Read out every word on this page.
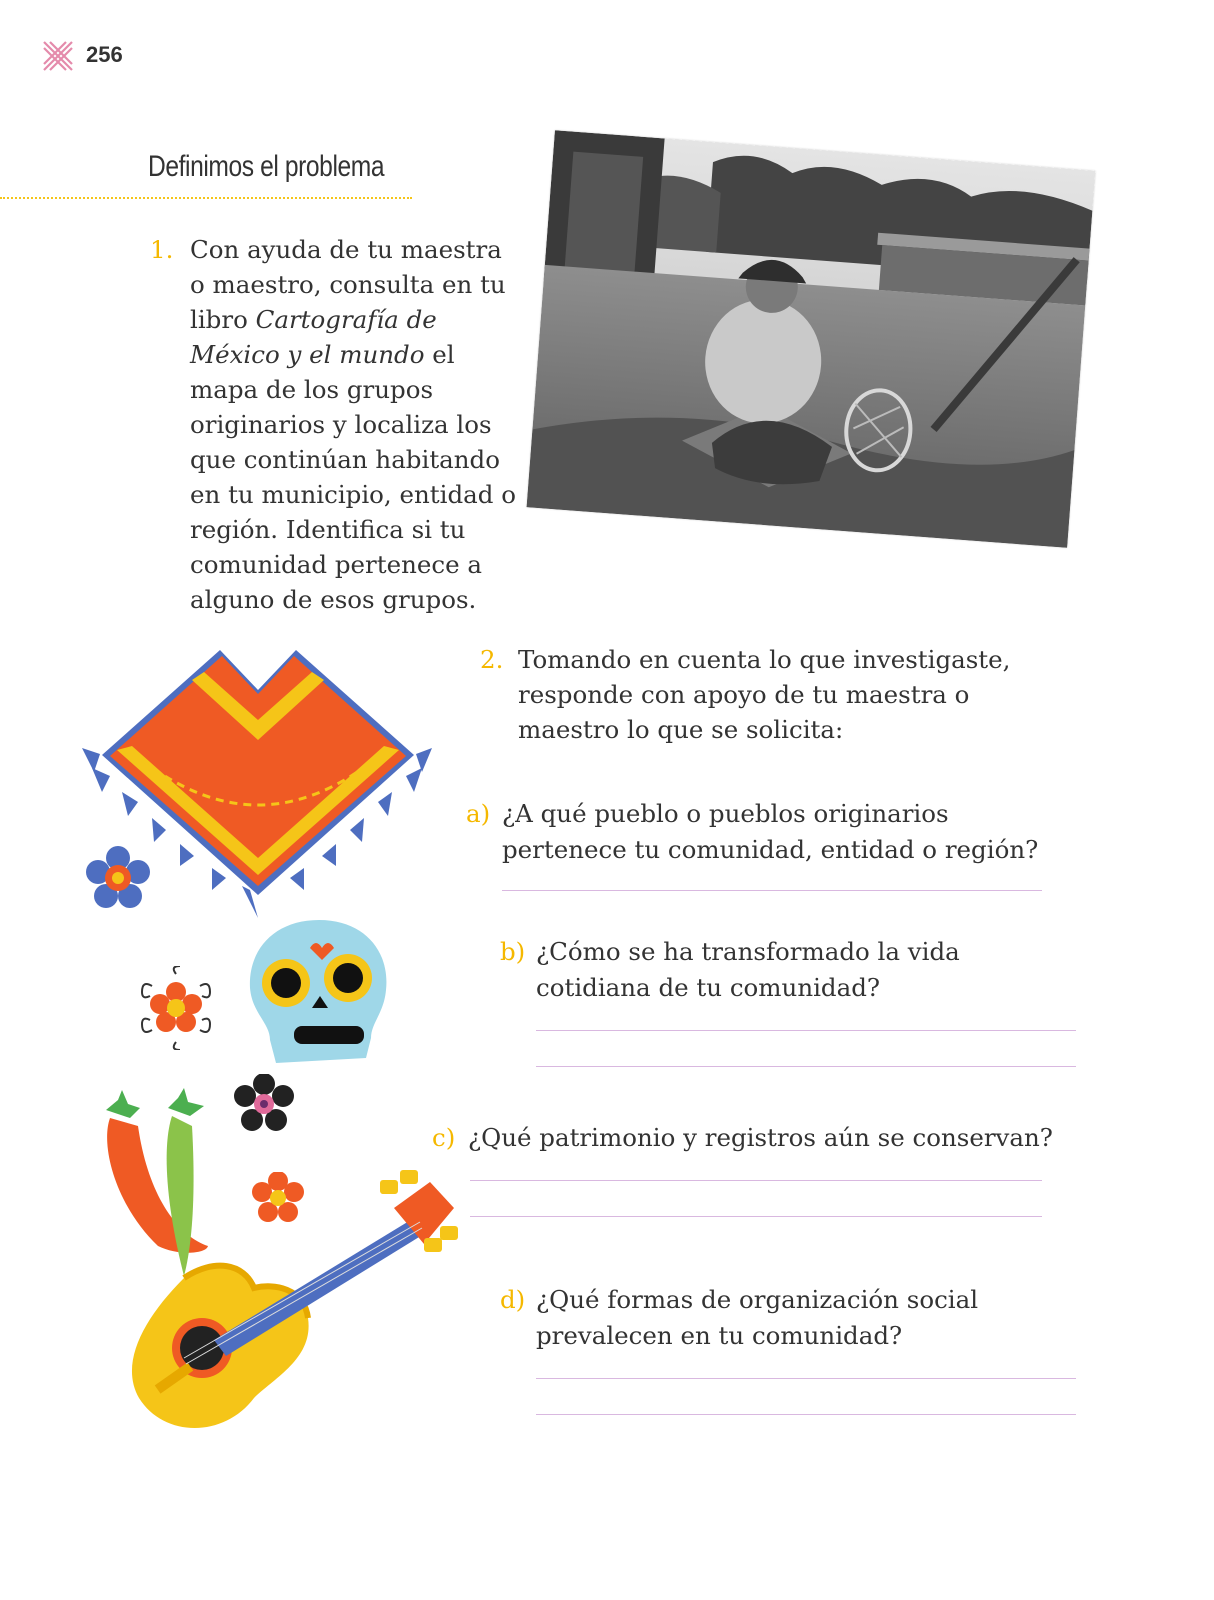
256
Definimos el problema
1. Con ayuda de tu maestra o maestro, consulta en tu libro Cartografía de México y el mundo el mapa de los grupos originarios y localiza los que continúan habitando en tu municipio, entidad o región. Identifica si tu comunidad pertenece a alguno de esos grupos.
2. Tomando en cuenta lo que investigaste, responde con apoyo de tu maestra o maestro lo que se solicita:
a) ¿A qué pueblo o pueblos originarios pertenece tu comunidad, entidad o región?
b) ¿Cómo se ha transformado la vida cotidiana de tu comunidad?
c) ¿Qué patrimonio y registros aún se conservan?
d) ¿Qué formas de organización social prevalecen en tu comunidad?
